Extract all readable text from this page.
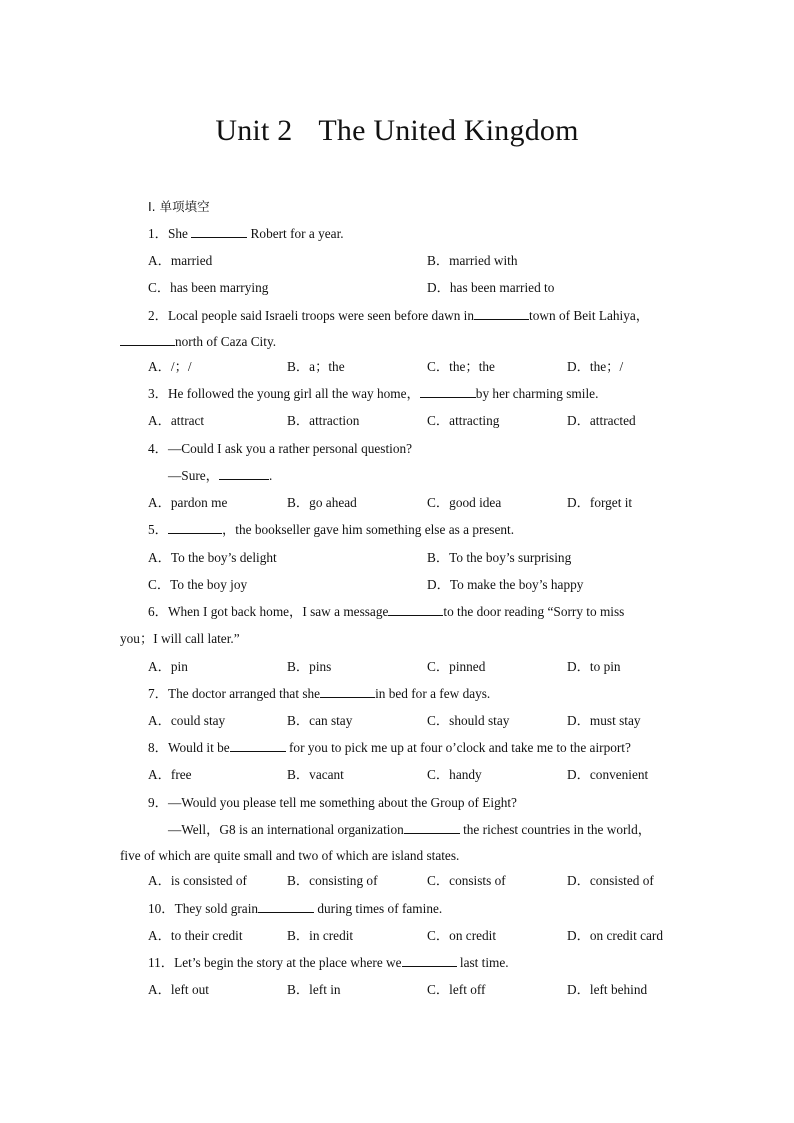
Unit 2 The United Kingdom
Ⅰ. 单项填空
1．She	Robert for a year.
A．married	B．married with
C．has been marrying	D．has been married to
2．Local people said Israeli troops were seen before dawn in	town of Beit Lahiya，
north of Caza City.
A．/；/	B．a；the	C．the；the	D．the；/
3．He followed the young girl all the way home，	by her charming smile.
A．attract	B．attraction	C．attracting	D．attracted
4．—Could I ask you a rather personal question?
—Sure，	.
A．pardon me	B．go ahead	C．good idea	D．forget it
5．	，the bookseller gave him something else as a present.
A．To the boy’s delight	B．To the boy’s surprising
C．To the boy joy	D．To make the boy’s happy
6．When I got back home，I saw a message	to the door reading “Sorry to miss
you；I will call later.”
A．pin	B．pins	C．pinned	D．to pin
7．The doctor arranged that she	in bed for a few days.
A．could stay	B．can stay	C．should stay	D．must stay
8．Would it be	for you to pick me up at four o’clock and take me to the airport?
A．free	B．vacant	C．handy	D．convenient
9．—Would you please tell me something about the Group of Eight?
—Well，G8 is an international organization	the richest countries in the world，
five of which are quite small and two of which are island states.
A．is consisted of	B．consisting of	C．consists of	D．consisted of
10．They sold grain	during times of famine.
A．to their credit	B．in credit	C．on credit	D．on credit card
11．Let’s begin the story at the place where we	last time.
A．left out	B．left in	C．left off	D．left behind
